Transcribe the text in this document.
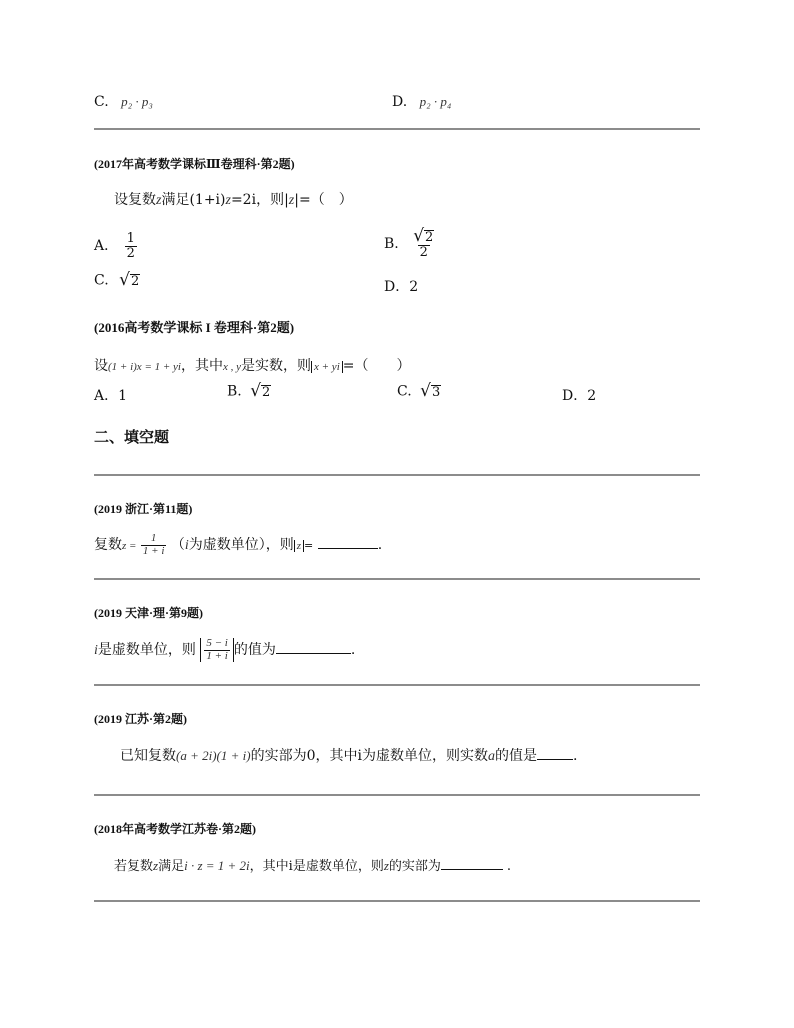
C. p₂ · p₃	D. p₂ · p₄
(2017年高考数学课标Ⅲ卷理科·第2题)
设复数z满足(1+i)z=2i，则|z|=（　）
A． $\frac{1}{2}$	B. $\frac{√ 2}{2}$
C. √ 2	D．2
(2016高考数学课标 I 卷理科·第2题)
设(1 + i)x = 1 + yi，其中x , y是实数，则 x + yi =（　　）
A．1	B. √ 2	C. √ 3	D．2
二、填空题
(2019 浙江·第11题)
复数$z = \frac{1}{1 + i} (i$为虚数单位），则 z =	.
(2019 天津·理·第9题)
i是虚数单位，则 $\frac{5 - i}{1 + i}$ 的值为	.
(2019 江苏·第2题)
已知复数(a + 2i)(1 + i)的实部为0，其中i为虚数单位，则实数a的值是	.
(2018年高考数学江苏卷·第2题)
若复数z满足i · z = 1 + 2i，其中i是虚数单位，则z的实部为	.
